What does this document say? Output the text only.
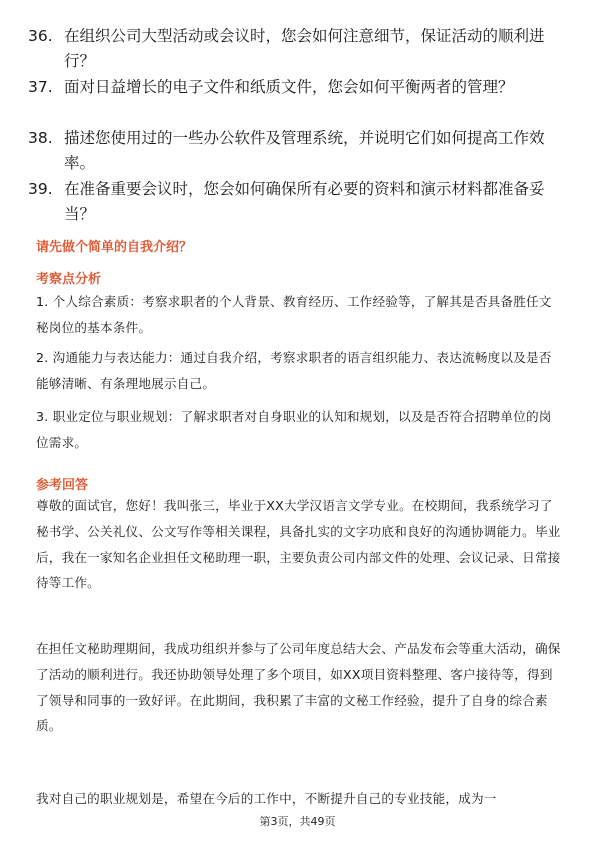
36. 在组织公司大型活动或会议时，您会如何注意细节，保证活动的顺利进行？
37. 面对日益增长的电子文件和纸质文件，您会如何平衡两者的管理？
38. 描述您使用过的一些办公软件及管理系统，并说明它们如何提高工作效率。
39. 在准备重要会议时，您会如何确保所有必要的资料和演示材料都准备妥当？
请先做个简单的自我介绍？
考察点分析
1. 个人综合素质：考察求职者的个人背景、教育经历、工作经验等，了解其是否具备胜任文秘岗位的基本条件。
2. 沟通能力与表达能力：通过自我介绍，考察求职者的语言组织能力、表达流畅度以及是否能够清晰、有条理地展示自己。
3. 职业定位与职业规划：了解求职者对自身职业的认知和规划，以及是否符合招聘单位的岗位需求。
参考回答
尊敬的面试官，您好！我叫张三，毕业于XX大学汉语言文学专业。在校期间，我系统学习了秘书学、公关礼仪、公文写作等相关课程，具备扎实的文字功底和良好的沟通协调能力。毕业后，我在一家知名企业担任文秘助理一职，主要负责公司内部文件的处理、会议记录、日常接待等工作。
在担任文秘助理期间，我成功组织并参与了公司年度总结大会、产品发布会等重大活动，确保了活动的顺利进行。我还协助领导处理了多个项目，如XX项目资料整理、客户接待等，得到了领导和同事的一致好评。在此期间，我积累了丰富的文秘工作经验，提升了自身的综合素质。
我对自己的职业规划是，希望在今后的工作中，不断提升自己的专业技能，成为一
第3页，共49页
